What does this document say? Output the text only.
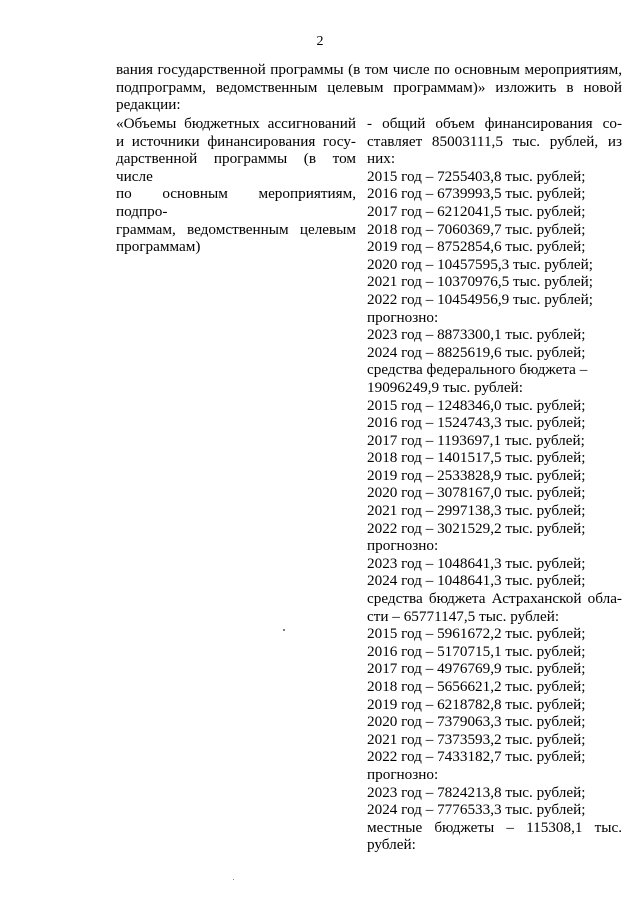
2
вания государственной программы (в том числе по основным мероприятиям,
подпрограмм, ведомственным целевым программам)» изложить в новой
редакции:
«Объемы бюджетных ассигнований
и источники финансирования госу-
дарственной программы (в том числе
по основным мероприятиям, подпро-
граммам, ведомственным целевым
программам)
- общий объем финансирования со-
ставляет 85003111,5 тыс. рублей, из
них:
2015 год – 7255403,8 тыс. рублей;
2016 год – 6739993,5 тыс. рублей;
2017 год – 6212041,5 тыс. рублей;
2018 год – 7060369,7 тыс. рублей;
2019 год – 8752854,6 тыс. рублей;
2020 год – 10457595,3 тыс. рублей;
2021 год – 10370976,5 тыс. рублей;
2022 год – 10454956,9 тыс. рублей;
прогнозно:
2023 год – 8873300,1 тыс. рублей;
2024 год – 8825619,6 тыс. рублей;
средства федерального бюджета –
19096249,9 тыс. рублей:
2015 год – 1248346,0 тыс. рублей;
2016 год – 1524743,3 тыс. рублей;
2017 год – 1193697,1 тыс. рублей;
2018 год – 1401517,5 тыс. рублей;
2019 год – 2533828,9 тыс. рублей;
2020 год – 3078167,0 тыс. рублей;
2021 год – 2997138,3 тыс. рублей;
2022 год – 3021529,2 тыс. рублей;
прогнозно:
2023 год – 1048641,3 тыс. рублей;
2024 год – 1048641,3 тыс. рублей;
средства бюджета Астраханской обла-
сти – 65771147,5 тыс. рублей:
2015 год – 5961672,2 тыс. рублей;
2016 год – 5170715,1 тыс. рублей;
2017 год – 4976769,9 тыс. рублей;
2018 год – 5656621,2 тыс. рублей;
2019 год – 6218782,8 тыс. рублей;
2020 год – 7379063,3 тыс. рублей;
2021 год – 7373593,2 тыс. рублей;
2022 год – 7433182,7 тыс. рублей;
прогнозно:
2023 год – 7824213,8 тыс. рублей;
2024 год – 7776533,3 тыс. рублей;
местные бюджеты – 115308,1 тыс.
рублей:
